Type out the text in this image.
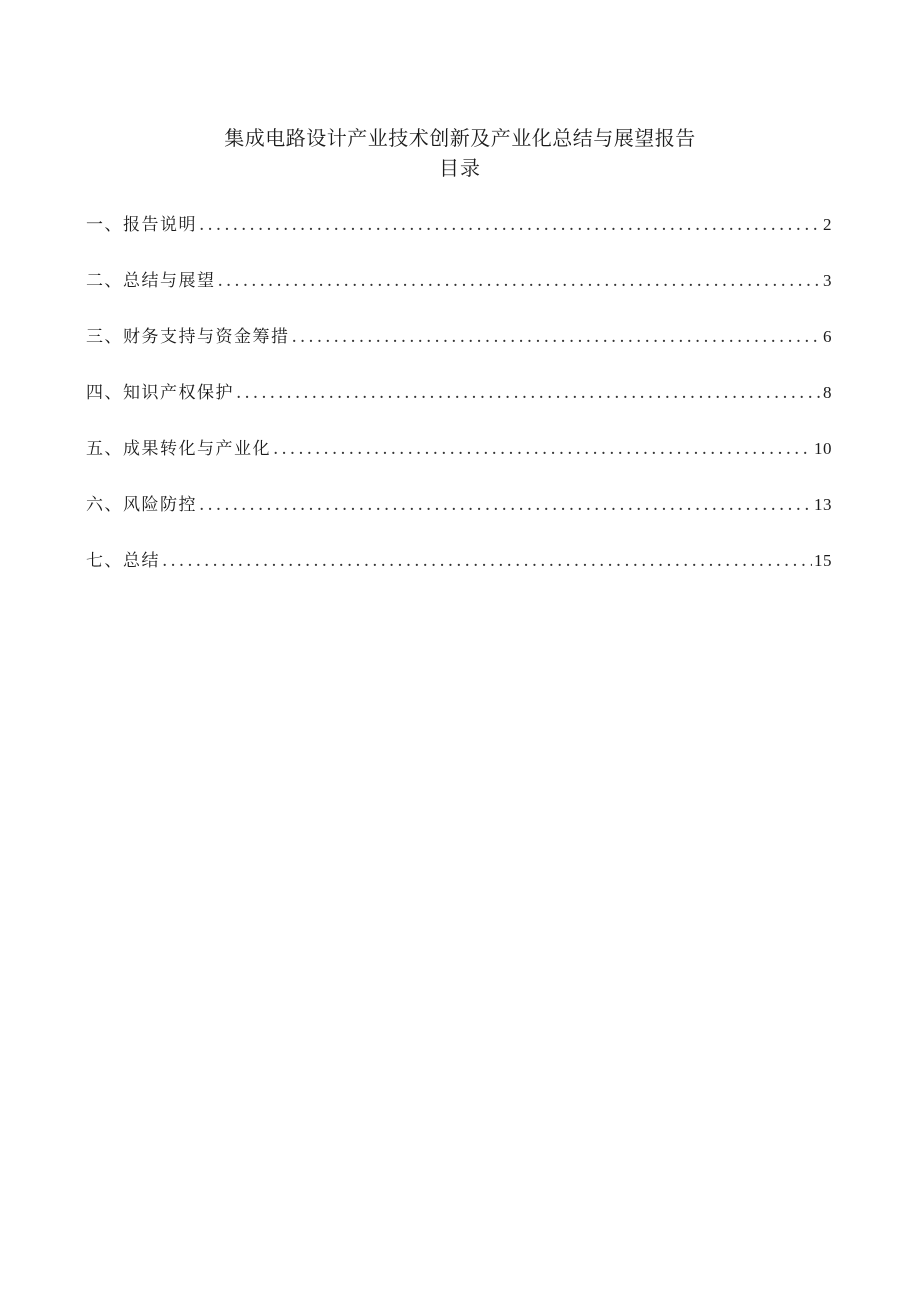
集成电路设计产业技术创新及产业化总结与展望报告
目录
一、报告说明 .....	2
二、总结与展望 .....	3
三、财务支持与资金筹措 .....	6
四、知识产权保护 .....	8
五、成果转化与产业化 .....	10
六、风险防控 .....	13
七、总结 .....	15
